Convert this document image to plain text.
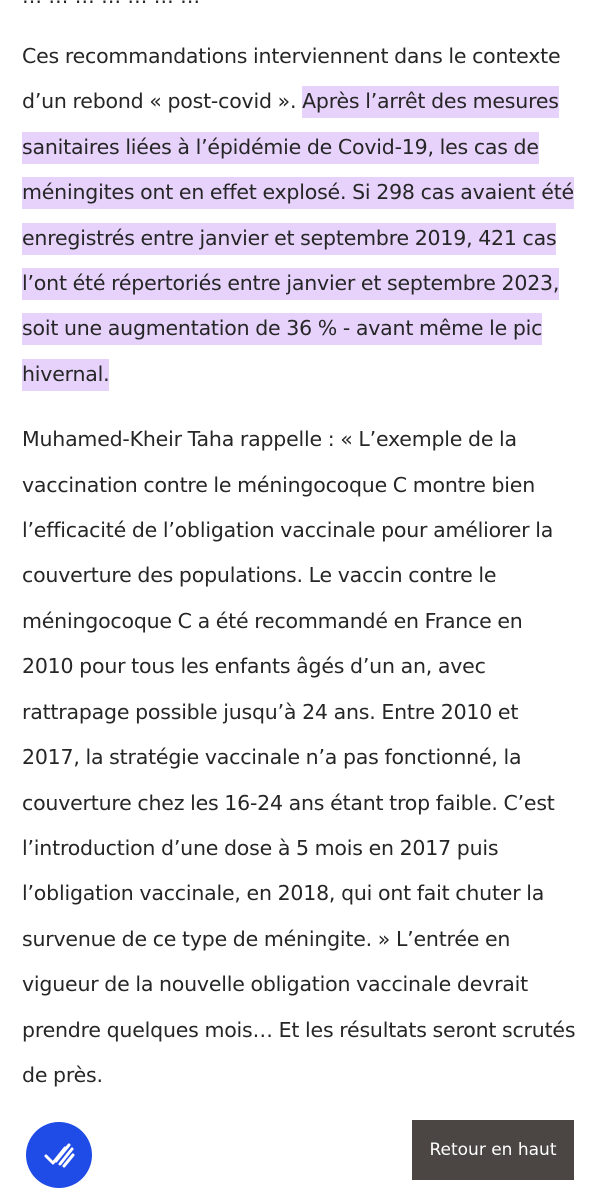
Ces recommandations interviennent dans le contexte d’un rebond « post-covid ». Après l’arrêt des mesures sanitaires liées à l’épidémie de Covid-19, les cas de méningites ont en effet explosé. Si 298 cas avaient été enregistrés entre janvier et septembre 2019, 421 cas l’ont été répertoriés entre janvier et septembre 2023, soit une augmentation de 36 % - avant même le pic hivernal.

Muhamed-Kheir Taha rappelle : « L’exemple de la vaccination contre le méningocoque C montre bien l’efficacité de l’obligation vaccinale pour améliorer la couverture des populations. Le vaccin contre le méningocoque C a été recommandé en France en 2010 pour tous les enfants âgés d’un an, avec rattrapage possible jusqu’à 24 ans. Entre 2010 et 2017, la stratégie vaccinale n’a pas fonctionné, la couverture chez les 16-24 ans étant trop faible. C’est l’introduction d’une dose à 5 mois en 2017 puis l’obligation vaccinale, en 2018, qui ont fait chuter la survenue de ce type de méningite. » L’entrée en vigueur de la nouvelle obligation vaccinale devrait prendre quelques mois… Et les résultats seront scrutés de près.

Retour en haut
